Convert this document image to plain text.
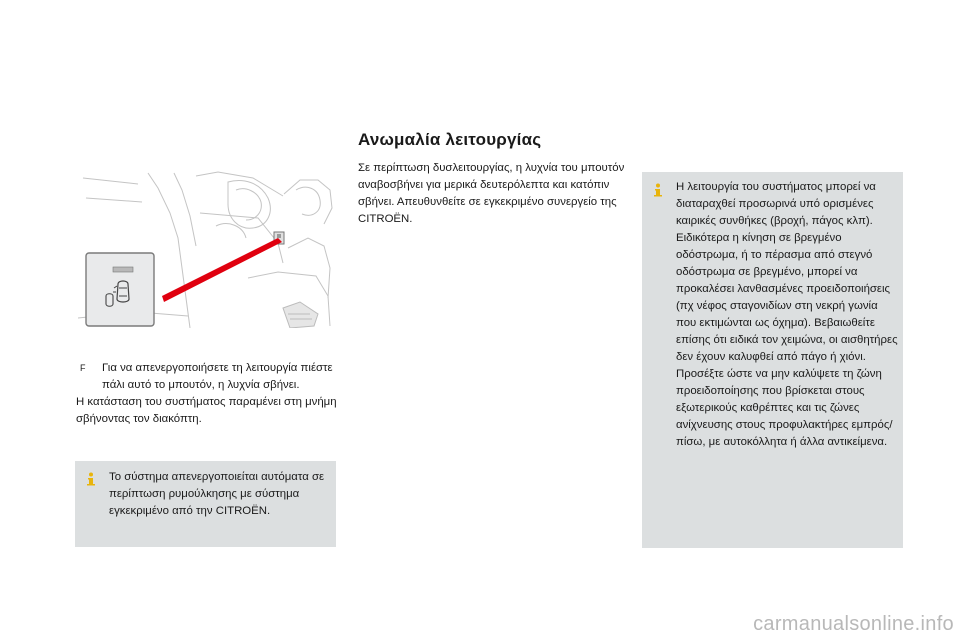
F	Για να απενεργοποιήσετε τη λειτουργία πιέστε πάλι αυτό το μπουτόν, η λυχνία σβήνει.
Η κατάσταση του συστήματος παραμένει στη μνήμη σβήνοντας τον διακόπτη.
Το σύστημα απενεργοποιείται αυτόματα σε περίπτωση ρυμούλκησης με σύστημα εγκεκριμένο από την CITROËN.
Ανωμαλία λειτουργίας
Σε περίπτωση δυσλειτουργίας, η λυχνία του μπουτόν αναβοσβήνει για μερικά δευτερόλεπτα και κατόπιν σβήνει. Απευθυνθείτε σε εγκεκριμένο συνεργείο της CITROËN.
Η λειτουργία του συστήματος μπορεί να διαταραχθεί προσωρινά υπό ορισμένες καιρικές συνθήκες (βροχή, πάγος κλπ). Ειδικότερα η κίνηση σε βρεγμένο οδόστρωμα, ή το πέρασμα από στεγνό οδόστρωμα σε βρεγμένο, μπορεί να προκαλέσει λανθασμένες προειδοποιήσεις (πχ νέφος σταγονιδίων στη νεκρή γωνία που εκτιμώνται ως όχημα). Βεβαιωθείτε επίσης ότι ειδικά τον χειμώνα, οι αισθητήρες δεν έχουν καλυφθεί από πάγο ή χιόνι. Προσέξτε ώστε να μην καλύψετε τη ζώνη προειδοποίησης που βρίσκεται στους εξωτερικούς καθρέπτες και τις ζώνες ανίχνευσης στους προφυλακτήρες εμπρός/πίσω, με αυτοκόλλητα ή άλλα αντικείμενα.
carmanualsonline.info
